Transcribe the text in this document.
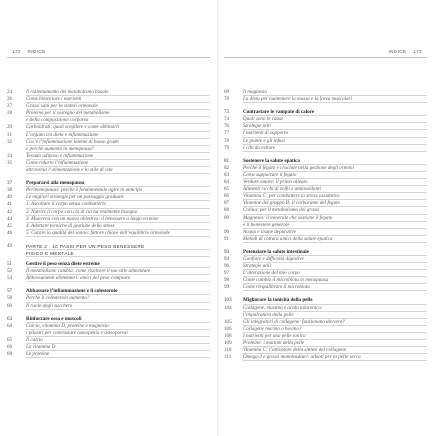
172 INDICE	INDICE 173
24	Il rallentamento del metabolismo basale
26	Come bilanciare i nutrienti
27	Grassi sani per la sintesi ormonale
28	Proteine per il sostegno del metabolismo
e della composizione corporea
29	Carboidrati: quali scegliere e come abbinarli
31	L’organo tra dieta e infiammazione
32	Cos’è l’infiammazione latente di basso grado
e perché aumenta in menopausa?
34	Tessuto adiposo e infiammazione
35	Come ridurre l’infiammazione
attraverso l’alimentazione e lo stile di vita
37	Prepararsi alla menopausa
38	Perimenopausa: perché è fondamentale agire in anticipo
40	Le migliori strategie per un passaggio graduale
41	1. Ascoltare il corpo senza combatterlo
42	2. Nutrire il corpo con ciò di cui ha realmente bisogno
44	3. Muoversi con un nuovo obiettivo: il benessere a lungo termine
45	4. Adottare tecniche di gestione dello stress
46	5. Curare la qualità del sonno: fattore chiave dell’equilibrio ormonale
49	PARTE 2 · 10 PASSI PER UN PESO BENESSERE
FISICO E MENTALE
51	Gestire il peso senza diete estreme
52	Il metabolismo cambia: come risolvere il tuo stile alimentare
54	Abbassamenti alimentari: amici del peso composto
57	Abbassare l’infiammazione e il colesterolo
58	Perché il colesterolo aumenta?
60	Il ruolo degli zucchero
63	Rinforzare ossa e muscoli
64	Calcio, vitamina D, proteine e magnesio:
i pilastri per contrastare osteopenia e osteoporosi
65	Il calcio
66	La vitamina D
68	Le proteine
69	Il magnesio
70	La dieta per mantenere la massa e la forza muscolari
73	Contrastare le vampate di calore
74	Quali sono le cause
76	Strategie utili
77	I nutrienti di supporto
78	Le piante e gli infusi
79	I cibi da evitare
81	Sostenere la salute epatica
82	Perché il fegato è cruciale nella gestione degli ormoni
83	Come supportare il fegato
84	Verdure amare: il primo alleato
85	Alimenti ricchi di zolfo e antiossidanti
86	Vitamina C: per combattere lo stress ossidativo
87	Vitamine del gruppo B: il carburante del fegato
88	Colina: per il metabolismo dei grassi
89	Magnesio: il minerale che sostiene il fegato
e il benessere generale
90	Acqua e tisane depurative
91	Metodi di cottura amici della salute epatica
93	Potenziare la salute intestinale
94	Gonfiore e difficoltà digestive
96	Strategie utili
97	L’alterazione del mio corpo
98	Come cambia il microbiota in menopausa
99	Come riequilibrare il microbiota
103	Migliorare la tonicità della pelle
104	Collagene, elastina e acido ialuronico:
l’impalcatura della pelle
105	Gli integratori di collagene: funzionano davvero?
106	Collagene marino o bovino?
108	I nutrienti per una pelle tonica
109	Proteine: i mattoni della pelle
110	Vitamina C: l’attivatore della sintesi del collagene
111	Omega-3 e grassi monoinsaturi: alleati per la pelle secca
